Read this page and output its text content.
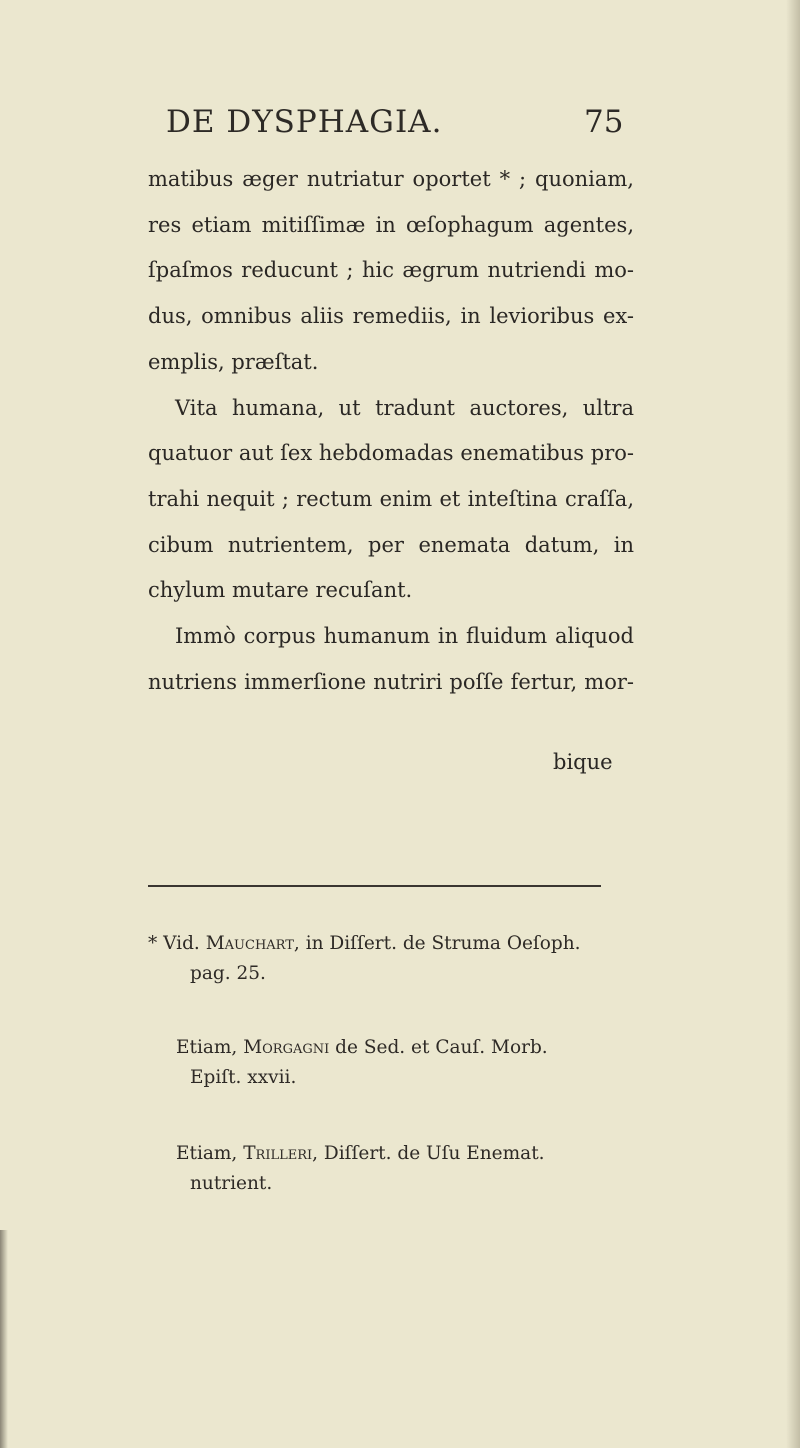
DE DYSPHAGIA.	75
matibus æger nutriatur oportet * ; quoniam,
res etiam mitiſſimæ in œſophagum agentes,
ſpaſmos reducunt ; hic ægrum nutriendi mo-
dus, omnibus aliis remediis, in levioribus ex-
emplis, præſtat.
Vita humana, ut tradunt auctores, ultra
quatuor aut ſex hebdomadas enematibus pro-
trahi nequit ; rectum enim et inteſtina craſſa,
cibum nutrientem, per enemata datum, in
chylum mutare recuſant.
Immò corpus humanum in fluidum aliquod
nutriens immerſione nutriri poſſe fertur, mor-
bique
* Vid. Mauchart, in Diſſert. de Struma Oeſoph.
pag. 25.
Etiam, Morgagni de Sed. et Cauſ. Morb.
Epiſt. xxvii.
Etiam, Trilleri, Diſſert. de Uſu Enemat.
nutrient.
